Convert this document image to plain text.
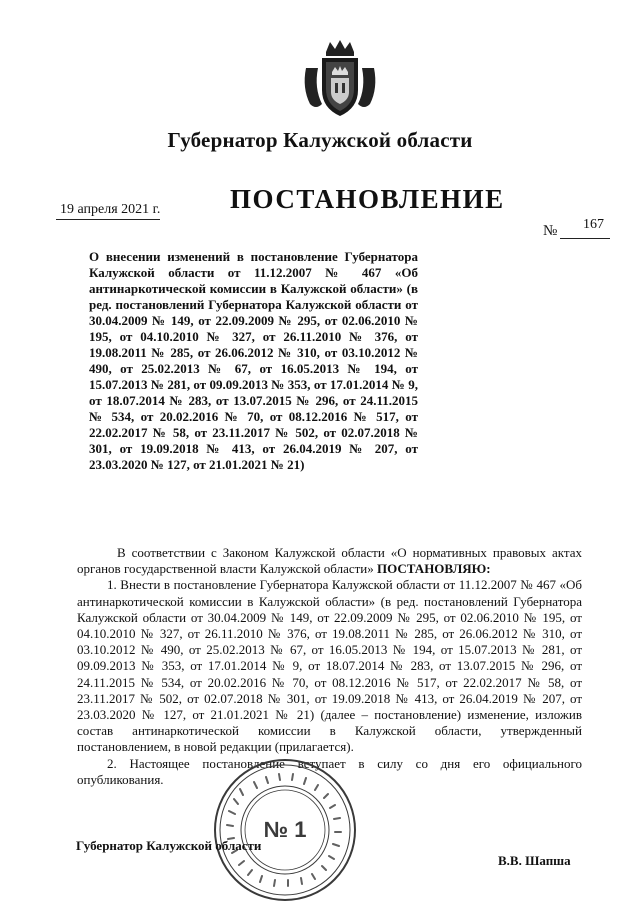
Губернатор Калужской области
ПОСТАНОВЛЕНИЕ
19 апреля 2021 г.
№ 167
О внесении изменений в постановление Губернатора Калужской области от 11.12.2007 № 467 «Об антинаркотической комиссии в Калужской области» (в ред. постановлений Губернатора Калужской области от 30.04.2009 № 149, от 22.09.2009 № 295, от 02.06.2010 № 195, от 04.10.2010 № 327, от 26.11.2010 № 376, от 19.08.2011 № 285, от 26.06.2012 № 310, от 03.10.2012 № 490, от 25.02.2013 № 67, от 16.05.2013 № 194, от 15.07.2013 № 281, от 09.09.2013 № 353, от 17.01.2014 № 9, от 18.07.2014 № 283, от 13.07.2015 № 296, от 24.11.2015 № 534, от 20.02.2016 № 70, от 08.12.2016 № 517, от 22.02.2017 № 58, от 23.11.2017 № 502, от 02.07.2018 № 301, от 19.09.2018 № 413, от 26.04.2019 № 207, от 23.03.2020 № 127, от 21.01.2021 № 21)

В соответствии с Законом Калужской области «О нормативных правовых актах органов государственной власти Калужской области» ПОСТАНОВЛЯЮ:

1. Внести в постановление Губернатора Калужской области от 11.12.2007 № 467 «Об антинаркотической комиссии в Калужской области» (в ред. постановлений Губернатора Калужской области от 30.04.2009 № 149, от 22.09.2009 № 295, от 02.06.2010 № 195, от 04.10.2010 № 327, от 26.11.2010 № 376, от 19.08.2011 № 285, от 26.06.2012 № 310, от 03.10.2012 № 490, от 25.02.2013 № 67, от 16.05.2013 № 194, от 15.07.2013 № 281, от 09.09.2013 № 353, от 17.01.2014 № 9, от 18.07.2014 № 283, от 13.07.2015 № 296, от 24.11.2015 № 534, от 20.02.2016 № 70, от 08.12.2016 № 517, от 22.02.2017 № 58, от 23.11.2017 № 502, от 02.07.2018 № 301, от 19.09.2018 № 413, от 26.04.2019 № 207, от 23.03.2020 № 127, от 21.01.2021 № 21) (далее – постановление) изменение, изложив состав антинаркотической комиссии в Калужской области, утвержденный постановлением, в новой редакции (прилагается).

2. Настоящее постановление вступает в силу со дня его официального опубликования.

№ 1
Губернатор Калужской области
В.В. Шапша
